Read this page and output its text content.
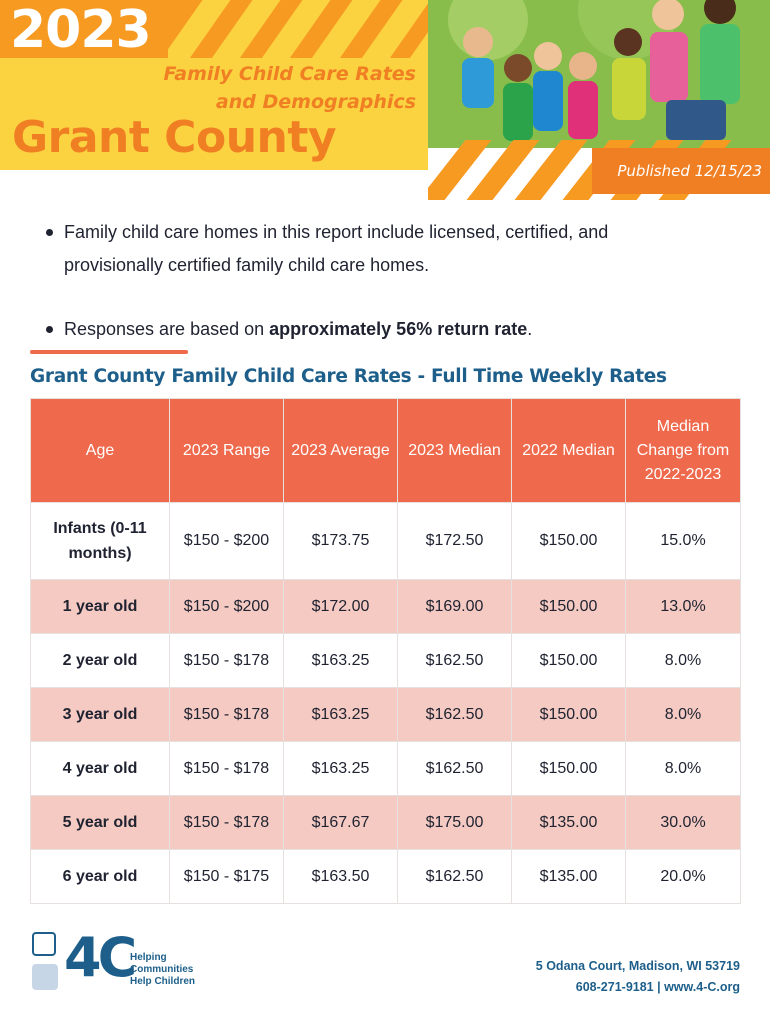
2023
Family Child Care Rates
and Demographics
Grant County
Published 12/15/23
Family child care homes in this report include licensed, certified, and provisionally certified family child care homes.
Responses are based on approximately 56% return rate.
Grant County Family Child Care Rates - Full Time Weekly Rates
Age	2023 Range	2023 Average	2023 Median	2022 Median	Median Change from 2022-2023
Infants (0-11 months)	$150 - $200	$173.75	$172.50	$150.00	15.0%
1 year old	$150 - $200	$172.00	$169.00	$150.00	13.0%
2 year old	$150 - $178	$163.25	$162.50	$150.00	8.0%
3 year old	$150 - $178	$163.25	$162.50	$150.00	8.0%
4 year old	$150 - $178	$163.25	$162.50	$150.00	8.0%
5 year old	$150 - $178	$167.67	$175.00	$135.00	30.0%
6 year old	$150 - $175	$163.50	$162.50	$135.00	20.0%
4C
Helping
Communities
Help Children
5 Odana Court, Madison, WI 53719
608-271-9181 | www.4-C.org
